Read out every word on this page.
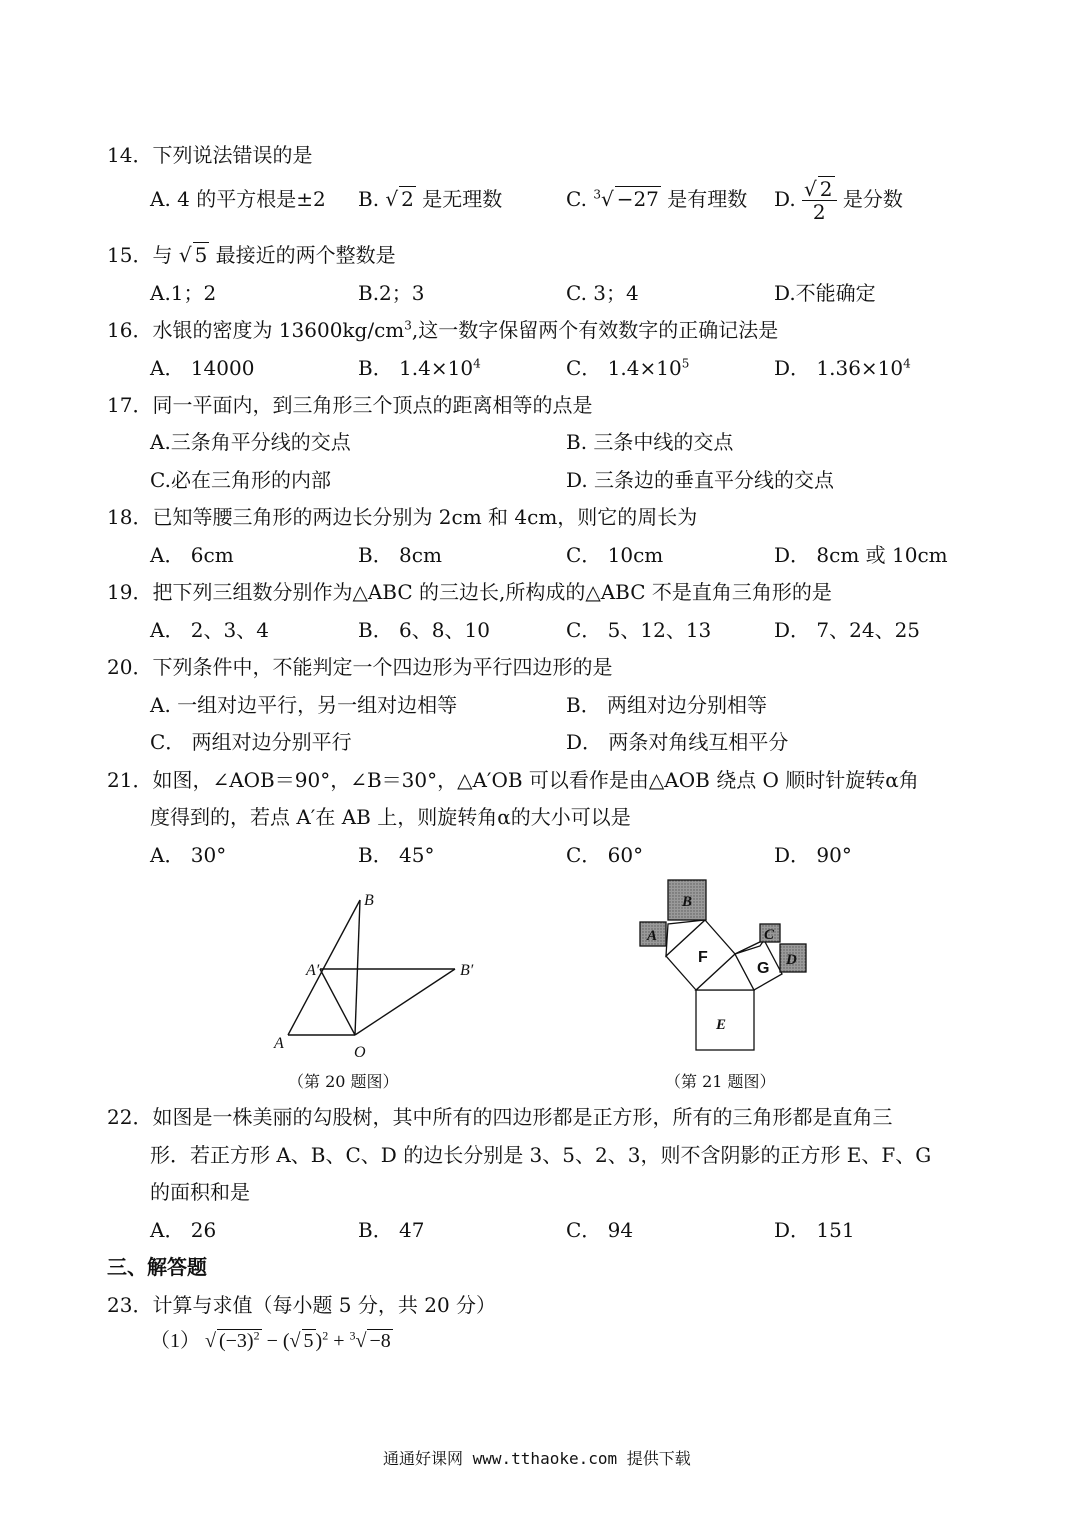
14．下列说法错误的是
A. 4 的平方根是±2 B. √ 2 是无理数	C. $^3$√ −27 是有理数 D. $\frac{√ 2}{2}$ 是分数
15．与 √ 5 最接近的两个整数是
A.1；2	B.2；3	C. 3；4	D.不能确定
16．水银的密度为 $13600kg/cm^3$,这一数字保留两个有效数字的正确记法是
A． 14000	B． $1.4\times 10^4$	C． $1.4\times 10^5$	D． $1.36\times 10^4$
17．同一平面内，到三角形三个顶点的距离相等的点是
A.三条角平分线的交点	B. 三条中线的交点
C.必在三角形的内部	D. 三条边的垂直平分线的交点
18．已知等腰三角形的两边长分别为 2cm 和 4cm，则它的周长为
A． 6cm	B． 8cm	C． 10cm	D． 8cm 或 10cm
19．把下列三组数分别作为△ABC 的三边长,所构成的△ABC 不是直角三角形的是
A． 2、3、4	B． 6、8、10	C． 5、12、13	D． 7、24、25
20．下列条件中，不能判定一个四边形为平行四边形的是
A. 一组对边平行，另一组对边相等	B． 两组对边分别相等
C． 两组对边分别平行	D． 两条对角线互相平分
21．如图，∠AOB＝90°，∠B＝30°，△A′OB 可以看作是由△AOB 绕点 O 顺时针旋转α角
度得到的，若点 A′在 AB 上，则旋转角α的大小可以是
A． 30°	B． 45°	C． 60°	D． 90°
B
A′	B′
A
O
（第 20 题图）
B
A	C
D
E
F
G
（第 21 题图）
22．如图是一株美丽的勾股树，其中所有的四边形都是正方形，所有的三角形都是直角三
形．若正方形 A、B、C、D 的边长分别是 3、5、2、3，则不含阴影的正方形 E、F、G
的面积和是
A． 26	B． 47	C． 94	D． 151
三、解答题
23．计算与求值（每小题 5 分，共 20 分）
（1） √ $(-3)^2$ − (√ 5 )$^2$ + $^3$√ −8
通通好课网 www.tthaoke.com 提供下载
